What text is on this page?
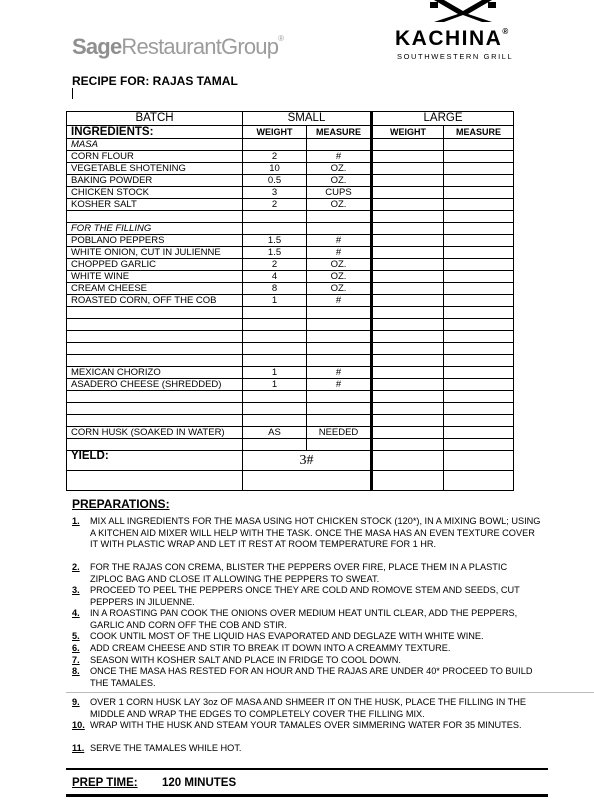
SageRestaurantGroup®	KACHINA®
SOUTHWESTERN GRILL
RECIPE FOR: RAJAS TAMAL
BATCH	SMALL		LARGE	
INGREDIENTS:	WEIGHT	MEASURE	WEIGHT	MEASURE
MASA				
CORN FLOUR	2	#		
VEGETABLE SHOTENING	10	OZ.		
BAKING POWDER	0.5	OZ.		
CHICKEN STOCK	3	CUPS		
KOSHER SALT	2	OZ.		

FOR THE FILLING				
POBLANO PEPPERS	1.5	#		
WHITE ONION, CUT IN JULIENNE	1.5	#		
CHOPPED GARLIC	2	OZ.		
WHITE WINE	4	OZ.		
CREAM CHEESE	8	OZ.		
ROASTED CORN, OFF THE COB	1	#		

MEXICAN CHORIZO	1	#		
ASADERO CHEESE (SHREDDED)	1	#		

CORN HUSK (SOAKED IN WATER)	AS	NEEDED		

YIELD:	3#			

PREPARATIONS:
1. MIX ALL INGREDIENTS FOR THE MASA USING HOT CHICKEN STOCK (120*), IN A MIXING BOWL; USING A KITCHEN AID MIXER WILL HELP WITH THE TASK. ONCE THE MASA HAS AN EVEN TEXTURE COVER IT WITH PLASTIC WRAP AND LET IT REST AT ROOM TEMPERATURE FOR 1 HR.
2. FOR THE RAJAS CON CREMA, BLISTER THE PEPPERS OVER FIRE, PLACE THEM IN A PLASTIC ZIPLOC BAG AND CLOSE IT ALLOWING THE PEPPERS TO SWEAT.
3. PROCEED TO PEEL THE PEPPERS ONCE THEY ARE COLD AND ROMOVE STEM AND SEEDS, CUT PEPPERS IN JILUENNE.
4. IN A ROASTING PAN COOK THE ONIONS OVER MEDIUM HEAT UNTIL CLEAR, ADD THE PEPPERS, GARLIC AND CORN OFF THE COB AND STIR.
5. COOK UNTIL MOST OF THE LIQUID HAS EVAPORATED AND DEGLAZE WITH WHITE WINE.
6. ADD CREAM CHEESE AND STIR TO BREAK IT DOWN INTO A CREAMMY TEXTURE.
7. SEASON WITH KOSHER SALT AND PLACE IN FRIDGE TO COOL DOWN.
8. ONCE THE MASA HAS RESTED FOR AN HOUR AND THE RAJAS ARE UNDER 40* PROCEED TO BUILD THE TAMALES.
9. OVER 1 CORN HUSK LAY 3oz OF MASA AND SHMEER IT ON THE HUSK, PLACE THE FILLING IN THE MIDDLE AND WRAP THE EDGES TO COMPLETELY COVER THE FILLING MIX.
10. WRAP WITH THE HUSK AND STEAM YOUR TAMALES OVER SIMMERING WATER FOR 35 MINUTES.
11. SERVE THE TAMALES WHILE HOT.
PREP TIME: 120 MINUTES
